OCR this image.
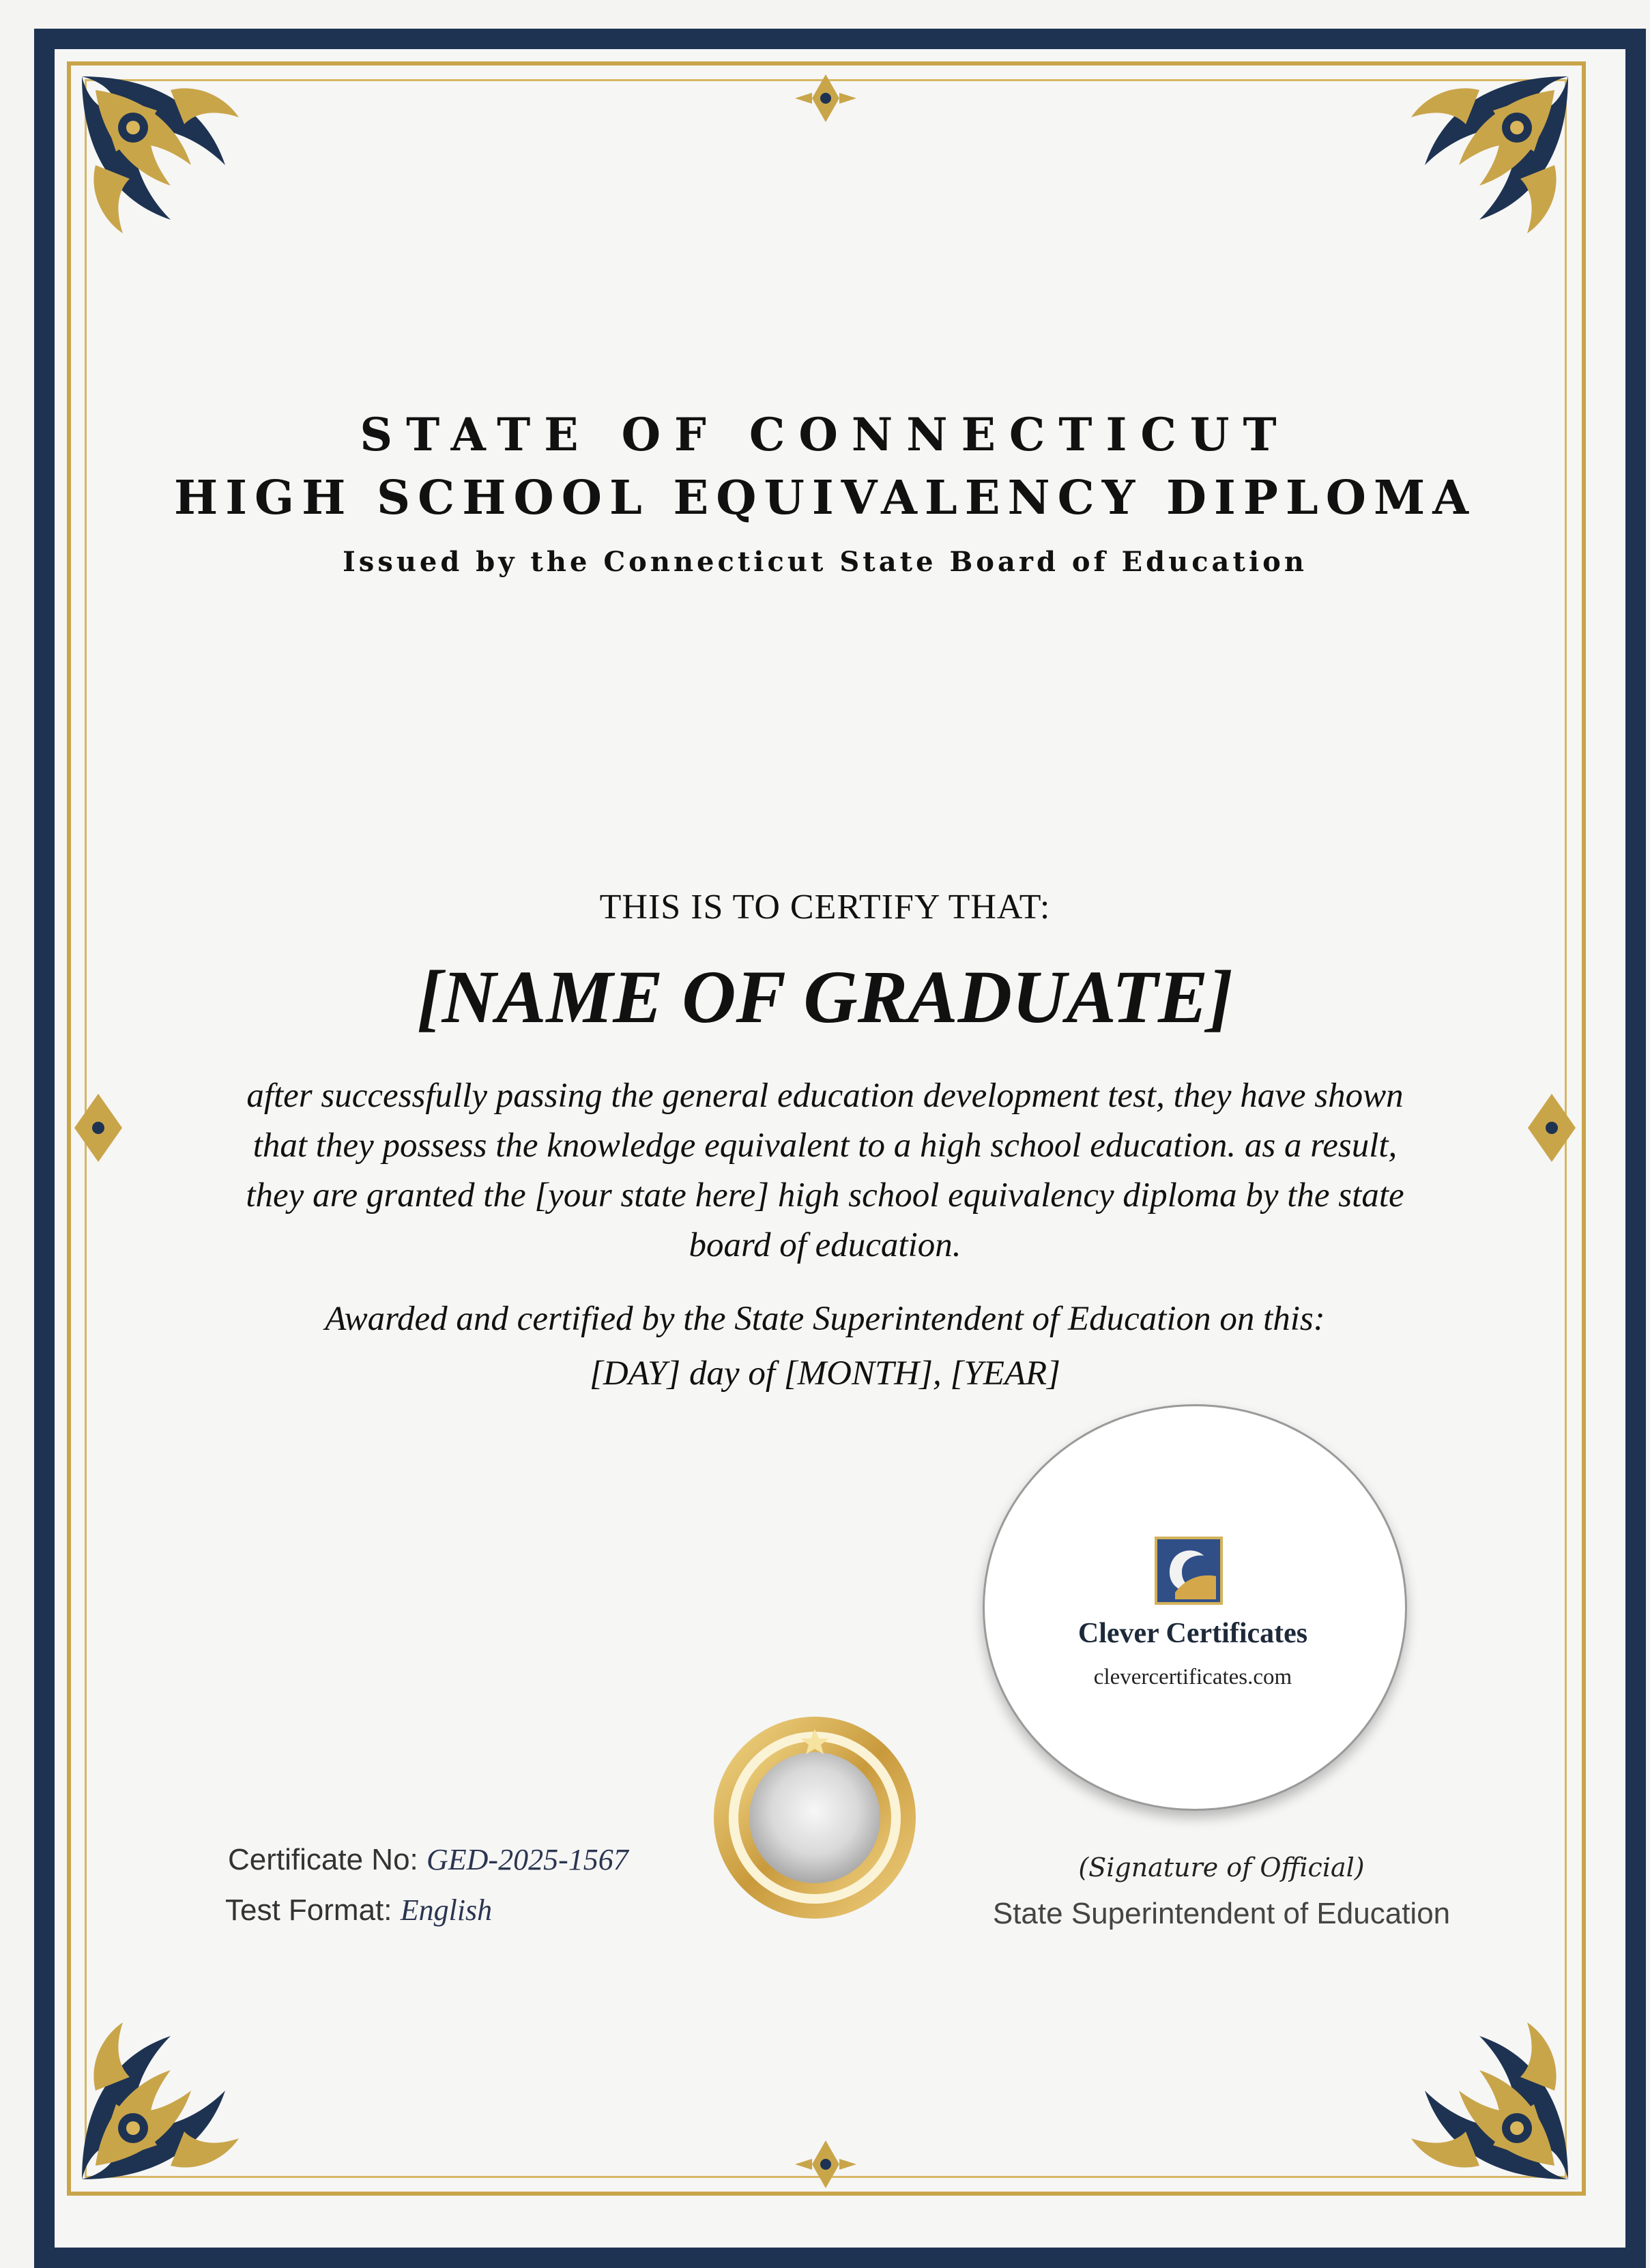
STATE OF CONNECTICUT
HIGH SCHOOL EQUIVALENCY DIPLOMA
Issued by the Connecticut State Board of Education
THIS IS TO CERTIFY THAT:
[NAME OF GRADUATE]
after successfully passing the general education development test, they have shown that they possess the knowledge equivalent to a high school education. as a result, they are granted the [your state here] high school equivalency diploma by the state board of education.
Awarded and certified by the State Superintendent of Education on this:
[DAY] day of [MONTH], [YEAR]
Clever Certificates
clevercertificates.com
Certificate No: GED-2025-1567
Test Format: English
(Signature of Official)
State Superintendent of Education
